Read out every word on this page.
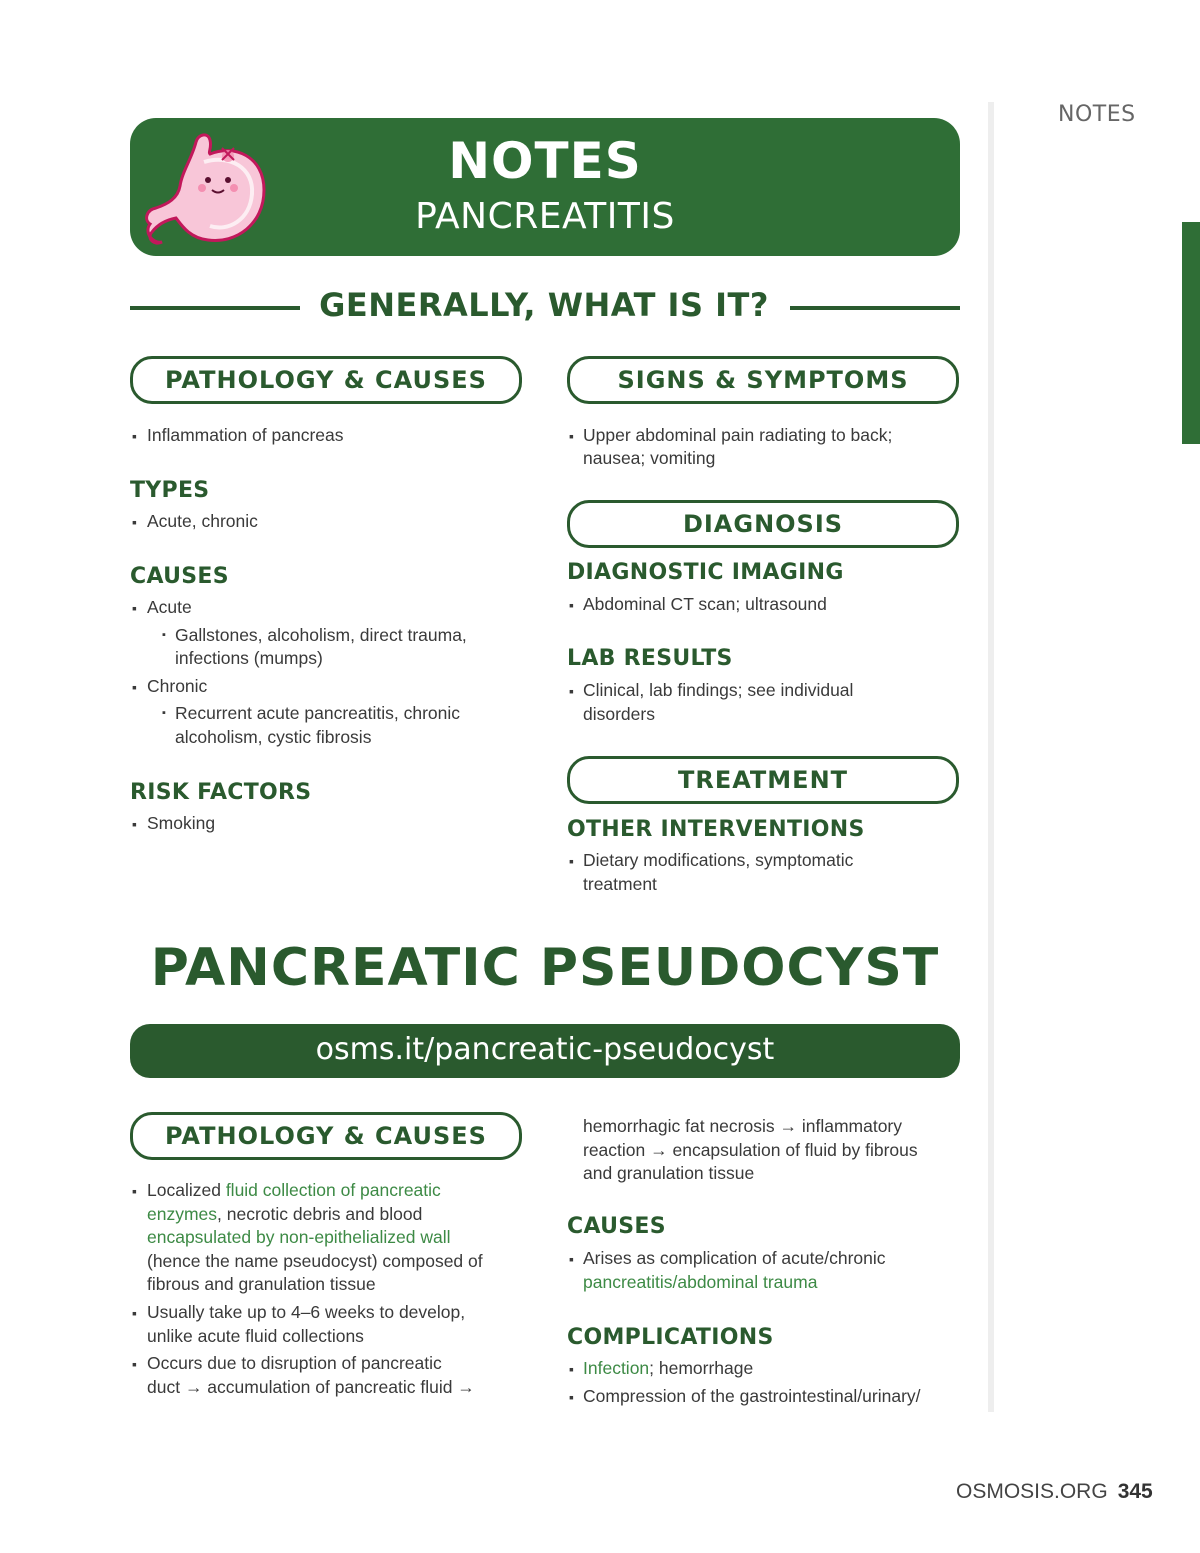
NOTES
NOTES
PANCREATITIS
GENERALLY, WHAT IS IT?
PATHOLOGY & CAUSES
▪ Inflammation of pancreas
TYPES
▪ Acute, chronic
CAUSES
▪ Acute
▪ Gallstones, alcoholism, direct trauma,
infections (mumps)
▪ Chronic
▪ Recurrent acute pancreatitis, chronic
alcoholism, cystic fibrosis
RISK FACTORS
▪ Smoking
SIGNS & SYMPTOMS
▪ Upper abdominal pain radiating to back;
nausea; vomiting
DIAGNOSIS
DIAGNOSTIC IMAGING
▪ Abdominal CT scan; ultrasound
LAB RESULTS
▪ Clinical, lab findings; see individual
disorders
TREATMENT
OTHER INTERVENTIONS
▪ Dietary modifications, symptomatic
treatment
PANCREATIC PSEUDOCYST
osms.it/pancreatic-pseudocyst
PATHOLOGY & CAUSES
▪ Localized fluid collection of pancreatic
enzymes, necrotic debris and blood
encapsulated by non-epithelialized wall
(hence the name pseudocyst) composed of
fibrous and granulation tissue
▪ Usually take up to 4–6 weeks to develop,
unlike acute fluid collections
▪ Occurs due to disruption of pancreatic
duct → accumulation of pancreatic fluid →
hemorrhagic fat necrosis → inflammatory
reaction → encapsulation of fluid by fibrous
and granulation tissue
CAUSES
▪ Arises as complication of acute/chronic
pancreatitis/abdominal trauma
COMPLICATIONS
▪ Infection; hemorrhage
▪ Compression of the gastrointestinal/urinary/
OSMOSIS.ORG 345
